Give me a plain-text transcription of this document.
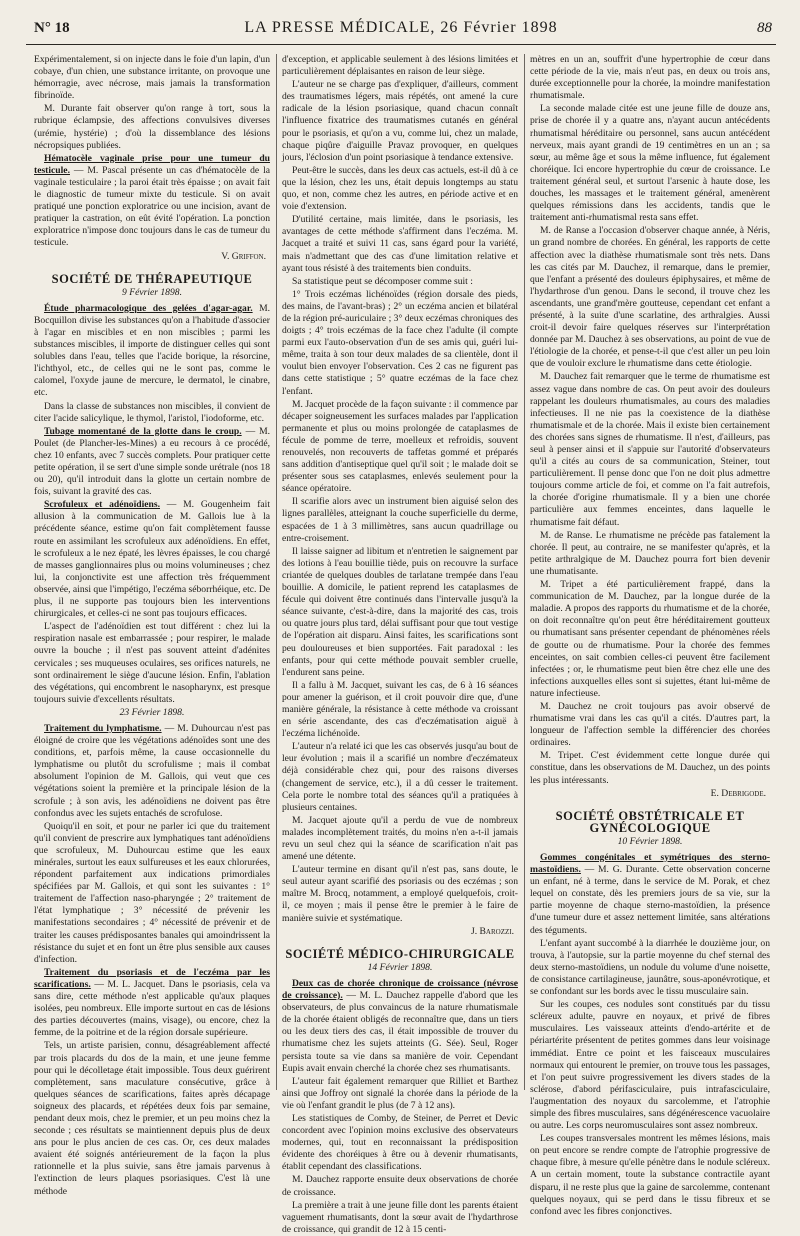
N° 18	LA PRESSE MÉDICALE, 26 Février 1898	88

Expérimentalement, si on injecte dans le foie d'un lapin, d'un cobaye, d'un chien, une substance irritante, on provoque une hémorragie, avec nécrose, mais jamais la transformation fibrinoïde.

M. Durante fait observer qu'on range à tort, sous la rubrique éclampsie, des affections convulsives diverses (urémie, hystérie) ; d'où la dissemblance des lésions nécropsiques publiées.

Hématocèle vaginale prise pour une tumeur du testicule. — M. Pascal présente un cas d'hématocèle de la vaginale testiculaire ; la paroi était très épaisse ; on avait fait le diagnostic de tumeur mixte du testicule. Si on avait pratiqué une ponction exploratrice ou une incision, avant de pratiquer la castration, on eût évité l'opération. La ponction exploratrice n'impose donc toujours dans le cas de tumeur du testicule.

V. Griffon.

SOCIÉTÉ DE THÉRAPEUTIQUE

9 Février 1898.

Étude pharmacologique des gelées d'agar-agar. M. Bocquillon divise les substances qu'on a l'habitude d'associer à l'agar en miscibles et en non miscibles ; parmi les substances miscibles, il importe de distinguer celles qui sont solubles dans l'eau, telles que l'acide borique, la résorcine, l'ichthyol, etc., de celles qui ne le sont pas, comme le calomel, l'oxyde jaune de mercure, le dermatol, le cinabre, etc.

Dans la classe de substances non miscibles, il convient de citer l'acide salicylique, le thymol, l'aristol, l'iodoforme, etc.

Tubage momentané de la glotte dans le croup. — M. Poulet (de Plancher-les-Mines) a eu recours à ce procédé, chez 10 enfants, avec 7 succès complets. Pour pratiquer cette petite opération, il se sert d'une simple sonde urétrale (nos 18 ou 20), qu'il introduit dans la glotte un certain nombre de fois, suivant la gravité des cas.

Scrofuleux et adénoïdiens. — M. Gougenheim fait allusion à la communication de M. Gallois lue à la précédente séance, estime qu'on fait complètement fausse route en assimilant les scrofuleux aux adénoïdiens. En effet, le scrofuleux a le nez épaté, les lèvres épaisses, le cou chargé de masses ganglionnaires plus ou moins volumineuses ; chez lui, la conjonctivite est une affection très fréquemment observée, ainsi que l'impétigo, l'eczéma séborrhéique, etc. De plus, il ne supporte pas toujours bien les interventions chirurgicales, et celles-ci ne sont pas toujours efficaces.

L'aspect de l'adénoïdien est tout différent : chez lui la respiration nasale est embarrassée ; pour respirer, le malade ouvre la bouche ; il n'est pas souvent atteint d'adénites cervicales ; ses muqueuses oculaires, ses orifices naturels, ne sont ordinairement le siège d'aucune lésion. Enfin, l'ablation des végétations, qui encombrent le nasopharynx, est presque toujours suivie d'excellents résultats.

23 Février 1898.

Traitement du lymphatisme. — M. Duhourcau n'est pas éloigné de croire que les végétations adénoïdes sont une des conditions, et, parfois même, la cause occasionnelle du lymphatisme ou plutôt du scrofulisme ; mais il combat absolument l'opinion de M. Gallois, qui veut que ces végétations soient la première et la principale lésion de la scrofule ; à son avis, les adénoïdiens ne doivent pas être confondus avec les sujets entachés de scrofulose.

Quoiqu'il en soit, et pour ne parler ici que du traitement qu'il convient de prescrire aux lymphatiques tant adénoïdiens que scrofuleux, M. Duhourcau estime que les eaux minérales, surtout les eaux sulfureuses et les eaux chlorurées, répondent parfaitement aux indications primordiales spécifiées par M. Gallois, et qui sont les suivantes : 1° traitement de l'affection naso-pharyngée ; 2° traitement de l'état lymphatique ; 3° nécessité de prévenir les manifestations secondaires ; 4° nécessité de prévenir et de traiter les causes prédisposantes banales qui amoindrissent la résistance du sujet et en font un être plus sensible aux causes d'infection.

Traitement du psoriasis et de l'eczéma par les scarifications. — M. L. Jacquet. Dans le psoriasis, cela va sans dire, cette méthode n'est applicable qu'aux plaques isolées, peu nombreux. Elle importe surtout en cas de lésions des parties découvertes (mains, visage), ou encore, chez la femme, de la poitrine et de la région dorsale supérieure.

Tels, un artiste parisien, connu, désagréablement affecté par trois placards du dos de la main, et une jeune femme pour qui le décolletage était impossible. Tous deux guérirent complètement, sans maculature consécutive, grâce à quelques séances de scarifications, faites après décapage soigneux des placards, et répétées deux fois par semaine, pendant deux mois, chez le premier, et un peu moins chez la seconde ; ces résultats se maintiennent depuis plus de deux ans pour le plus ancien de ces cas. Or, ces deux malades avaient été soignés antérieurement de la façon la plus rationnelle et la plus suivie, sans être jamais parvenus à l'extinction de leurs plaques psoriasiques. C'est là une méthode

d'exception, et applicable seulement à des lésions limitées et particulièrement déplaisantes en raison de leur siège.

L'auteur ne se charge pas d'expliquer, d'ailleurs, comment des traumatismes légers, mais répétés, ont amené la cure radicale de la lésion psoriasique, quand chacun connaît l'influence fixatrice des traumatismes cutanés en général pour le psoriasis, et qu'on a vu, comme lui, chez un malade, chaque piqûre d'aiguille Pravaz provoquer, en quelques jours, l'éclosion d'un point psoriasique à tendance extensive.

Peut-être le succès, dans les deux cas actuels, est-il dû à ce que la lésion, chez les uns, était depuis longtemps au statu quo, et non, comme chez les autres, en période active et en voie d'extension.

D'utilité certaine, mais limitée, dans le psoriasis, les avantages de cette méthode s'affirment dans l'eczéma. M. Jacquet a traité et suivi 11 cas, sans égard pour la variété, mais n'admettant que des cas d'une limitation relative et ayant tous résisté à des traitements bien conduits.

Sa statistique peut se décomposer comme suit :

1° Trois eczémas lichénoïdes (région dorsale des pieds, des mains, de l'avant-bras) ; 2° un eczéma ancien et bilatéral de la région pré-auriculaire ; 3° deux eczémas chroniques des doigts ; 4° trois eczémas de la face chez l'adulte (il compte parmi eux l'auto-observation d'un de ses amis qui, guéri lui-même, traita à son tour deux malades de sa clientèle, dont il voulut bien envoyer l'observation. Ces 2 cas ne figurent pas dans cette statistique ; 5° quatre eczémas de la face chez l'enfant.

M. Jacquet procède de la façon suivante : il commence par décaper soigneusement les surfaces malades par l'application permanente et plus ou moins prolongée de cataplasmes de fécule de pomme de terre, moelleux et refroidis, souvent renouvelés, non recouverts de taffetas gommé et préparés sans addition d'antiseptique quel qu'il soit ; le malade doit se présenter sous ses cataplasmes, enlevés seulement pour la séance opératoire.

Il scarifie alors avec un instrument bien aiguisé selon des lignes parallèles, atteignant la couche superficielle du derme, espacées de 1 à 3 millimètres, sans aucun quadrillage ou entre-croisement.

Il laisse saigner ad libitum et n'entretien le saignement par des lotions à l'eau bouillie tiède, puis on recouvre la surface criantée de quelques doubles de tarlatane trempée dans l'eau bouillie. A domicile, le patient reprend les cataplasmes de fécule qui doivent être continués dans l'intervalle jusqu'à la séance suivante, c'est-à-dire, dans la majorité des cas, trois ou quatre jours plus tard, délai suffisant pour que tout vestige de l'opération ait disparu. Ainsi faites, les scarifications sont peu douloureuses et bien supportées. Fait paradoxal : les enfants, pour qui cette méthode pouvait sembler cruelle, l'endurent sans peine.

Il a fallu à M. Jacquet, suivant les cas, de 6 à 16 séances pour amener la guérison, et il croit pouvoir dire que, d'une manière générale, la résistance à cette méthode va croissant en série ascendante, des cas d'eczématisation aiguë à l'eczéma lichénoïde.

L'auteur n'a relaté ici que les cas observés jusqu'au bout de leur évolution ; mais il a scarifié un nombre d'eczémateux déjà considérable chez qui, pour des raisons diverses (changement de service, etc.), il a dû cesser le traitement. Cela porte le nombre total des séances qu'il a pratiquées à plusieurs centaines.

M. Jacquet ajoute qu'il a perdu de vue de nombreux malades incomplètement traités, du moins n'en a-t-il jamais revu un seul chez qui la séance de scarification n'ait pas amené une détente.

L'auteur termine en disant qu'il n'est pas, sans doute, le seul auteur ayant scarifié des psoriasis ou des eczémas ; son maître M. Brocq, notamment, a employé quelquefois, croit-il, ce moyen ; mais il pense être le premier à le faire de manière suivie et systématique.

J. Barozzi.

SOCIÉTÉ MÉDICO-CHIRURGICALE

14 Février 1898.

Deux cas de chorée chronique de croissance (névrose de croissance). — M. L. Dauchez rappelle d'abord que les observateurs, de plus convaincus de la nature rhumatismale de la chorée étaient obligés de reconnaître que, dans un tiers ou les deux tiers des cas, il était impossible de trouver du rhumatisme chez les sujets atteints (G. Sée). Seul, Roger persista toute sa vie dans sa manière de voir. Cependant Eupis avait envain cherché la chorée chez ses rhumatisants.

L'auteur fait également remarquer que Rilliet et Barthez ainsi que Joffroy ont signalé la chorée dans la période de la vie où l'enfant grandit le plus (de 7 à 12 ans).

Les statistiques de Comby, de Steiner, de Perret et Devic concordent avec l'opinion moins exclusive des observateurs modernes, qui, tout en reconnaissant la prédisposition évidente des choréiques à être ou à devenir rhumatisants, établit cependant des classifications.

M. Dauchez rapporte ensuite deux observations de chorée de croissance.

La première a trait à une jeune fille dont les parents étaient vaguement rhumatisants, dont la sœur avait de l'hydarthrose de croissance, qui grandit de 12 à 15 centi-

mètres en un an, souffrit d'une hypertrophie de cœur dans cette période de la vie, mais n'eut pas, en deux ou trois ans, durée exceptionnelle pour la chorée, la moindre manifestation rhumatismale.

La seconde malade citée est une jeune fille de douze ans, prise de chorée il y a quatre ans, n'ayant aucun antécédents rhumatismal héréditaire ou personnel, sans aucun antécédent nerveux, mais ayant grandi de 19 centimètres en un an ; sa sœur, au même âge et sous la même influence, fut également choréique. Ici encore hypertrophie du cœur de croissance. Le traitement général seul, et surtout l'arsenic à haute dose, les douches, les massages et le traitement général, amenèrent quelques rémissions dans les accidents, tandis que le traitement anti-rhumatismal resta sans effet.

M. de Ranse a l'occasion d'observer chaque année, à Néris, un grand nombre de chorées. En général, les rapports de cette affection avec la diathèse rhumatismale sont très nets. Dans les cas cités par M. Dauchez, il remarque, dans le premier, que l'enfant a présenté des douleurs épiphysaires, et même de l'hydarthrose d'un genou. Dans le second, il trouve chez les ascendants, une grand'mère goutteuse, cependant cet enfant a présenté, à la suite d'une scarlatine, des arthralgies. Aussi croit-il devoir faire quelques réserves sur l'interprétation donnée par M. Dauchez à ses observations, au point de vue de l'étiologie de la chorée, et pense-t-il que c'est aller un peu loin que de vouloir exclure le rhumatisme dans cette étiologie.

M. Dauchez fait remarquer que le terme de rhumatisme est assez vague dans nombre de cas. On peut avoir des douleurs rappelant les douleurs rhumatismales, au cours des maladies infectieuses. Il ne nie pas la coexistence de la diathèse rhumatismale et de la chorée. Mais il existe bien certainement des chorées sans signes de rhumatisme. Il n'est, d'ailleurs, pas seul à penser ainsi et il s'appuie sur l'autorité d'observateurs qu'il a cités au cours de sa communication, Steiner, tout particulièrement. Il pense donc que l'on ne doit plus admettre toujours comme article de foi, et comme on l'a fait autrefois, la chorée d'origine rhumatismale. Il y a bien une chorée particulière aux femmes enceintes, dans laquelle le rhumatisme fait défaut.

M. de Ranse. Le rhumatisme ne précède pas fatalement la chorée. Il peut, au contraire, ne se manifester qu'après, et la petite arthralgique de M. Dauchez pourra fort bien devenir une rhumatisante.

M. Tripet a été particulièrement frappé, dans la communication de M. Dauchez, par la longue durée de la maladie. A propos des rapports du rhumatisme et de la chorée, on doit reconnaître qu'on peut être héréditairement goutteux ou rhumatisant sans présenter cependant de phénomènes réels de goutte ou de rhumatisme. Pour la chorée des femmes enceintes, on sait combien celles-ci peuvent être facilement infectées ; or, le rhumatisme peut bien être chez elle une des infections auxquelles elles sont si sujettes, étant lui-même de nature infectieuse.

M. Dauchez ne croit toujours pas avoir observé de rhumatisme vrai dans les cas qu'il a cités. D'autres part, la longueur de l'affection semble la différencier des chorées ordinaires.

M. Tripet. C'est évidemment cette longue durée qui constitue, dans les observations de M. Dauchez, un des points les plus intéressants.

E. Debrigode.

SOCIÉTÉ OBSTÉTRICALE ET GYNÉCOLOGIQUE

10 Février 1898.

Gommes congénitales et symétriques des sterno-mastoïdiens. — M. G. Durante. Cette observation concerne un enfant, né à terme, dans le service de M. Porak, et chez lequel on constate, dès les premiers jours de sa vie, sur la partie moyenne de chaque sterno-mastoïdien, la présence d'une tumeur dure et assez nettement limitée, sans altérations des téguments.

L'enfant ayant succombé à la diarrhée le douzième jour, on trouva, à l'autopsie, sur la partie moyenne du chef sternal des deux sterno-mastoïdiens, un nodule du volume d'une noisette, de consistance cartilagineuse, jaunâtre, sous-aponévrotique, et se confondant sur les bords avec le tissu musculaire sain.

Sur les coupes, ces nodules sont constitués par du tissu scléreux adulte, pauvre en noyaux, et privé de fibres musculaires. Les vaisseaux atteints d'endo-artérite et de périartérite présentent de petites gommes dans leur voisinage immédiat. Entre ce point et les faisceaux musculaires normaux qui entourent le premier, on trouve tous les passages, et l'on peut suivre progressivement les divers stades de la sclérose, d'abord périfasciculaire, puis intrafasciculaire, l'augmentation des noyaux du sarcolemme, et l'atrophie simple des fibres musculaires, sans dégénérescence vacuolaire ou autre. Les corps neuromusculaires sont assez nombreux.

Les coupes transversales montrent les mêmes lésions, mais on peut encore se rendre compte de l'atrophie progressive de chaque fibre, à mesure qu'elle pénètre dans le nodule scléreux. A un certain moment, toute la substance contractile ayant disparu, il ne reste plus que la gaine de sarcolemme, contenant quelques noyaux, qui se perd dans le tissu fibreux et se confond avec les fibres conjonctives.
